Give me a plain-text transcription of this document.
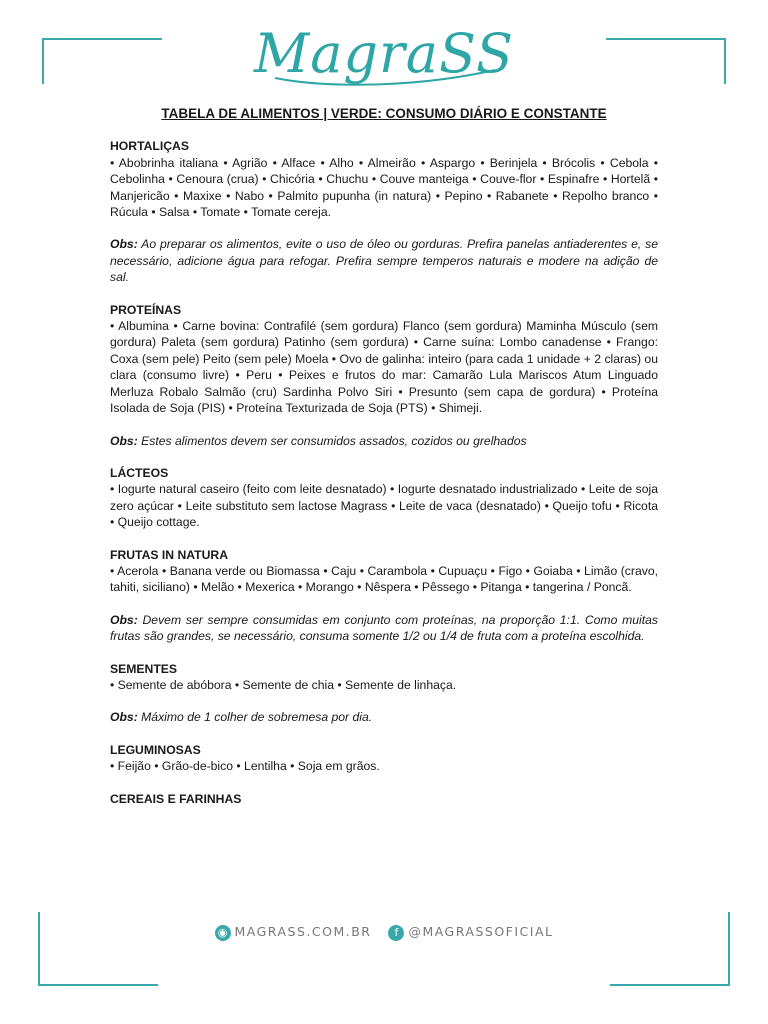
MagraSS

TABELA DE ALIMENTOS | VERDE: CONSUMO DIÁRIO E CONSTANTE

HORTALIÇAS

• Abobrinha italiana • Agrião • Alface • Alho • Almeirão • Aspargo • Berinjela • Brócolis • Cebola • Cebolinha • Cenoura (crua) • Chicória • Chuchu • Couve manteiga • Couve-flor • Espinafre • Hortelã • Manjericão • Maxixe • Nabo • Palmito pupunha (in natura) • Pepino • Rabanete • Repolho branco • Rúcula • Salsa • Tomate • Tomate cereja.

Obs: Ao preparar os alimentos, evite o uso de óleo ou gorduras. Prefira panelas antiaderentes e, se necessário, adicione água para refogar. Prefira sempre temperos naturais e modere na adição de sal.

PROTEÍNAS

• Albumina • Carne bovina: Contrafilé (sem gordura) Flanco (sem gordura) Maminha Músculo (sem gordura) Paleta (sem gordura) Patinho (sem gordura) • Carne suína: Lombo canadense • Frango: Coxa (sem pele) Peito (sem pele) Moela • Ovo de galinha: inteiro (para cada 1 unidade + 2 claras) ou clara (consumo livre) • Peru • Peixes e frutos do mar: Camarão Lula Mariscos Atum Linguado Merluza Robalo Salmão (cru) Sardinha Polvo Siri • Presunto (sem capa de gordura) • Proteína Isolada de Soja (PIS) • Proteína Texturizada de Soja (PTS) • Shimeji.

Obs: Estes alimentos devem ser consumidos assados, cozidos ou grelhados

LÁCTEOS

• Iogurte natural caseiro (feito com leite desnatado) • Iogurte desnatado industrializado • Leite de soja zero açúcar • Leite substituto sem lactose Magrass • Leite de vaca (desnatado) • Queijo tofu • Ricota • Queijo cottage.

FRUTAS IN NATURA

• Acerola • Banana verde ou Biomassa • Caju • Carambola • Cupuaçu • Figo • Goiaba • Limão (cravo, tahiti, siciliano) • Melão • Mexerica • Morango • Nêspera • Pêssego • Pitanga • tangerina / Poncã.

Obs: Devem ser sempre consumidas em conjunto com proteínas, na proporção 1:1. Como muitas frutas são grandes, se necessário, consuma somente 1/2 ou 1/4 de fruta com a proteína escolhida.

SEMENTES

• Semente de abóbora • Semente de chia • Semente de linhaça.

Obs: Máximo de 1 colher de sobremesa por dia.

LEGUMINOSAS

• Feijão • Grão-de-bico • Lentilha • Soja em grãos.

CEREAIS E FARINHAS

◉ MAGRASS.COM.BR f @MAGRASSOFICIAL
